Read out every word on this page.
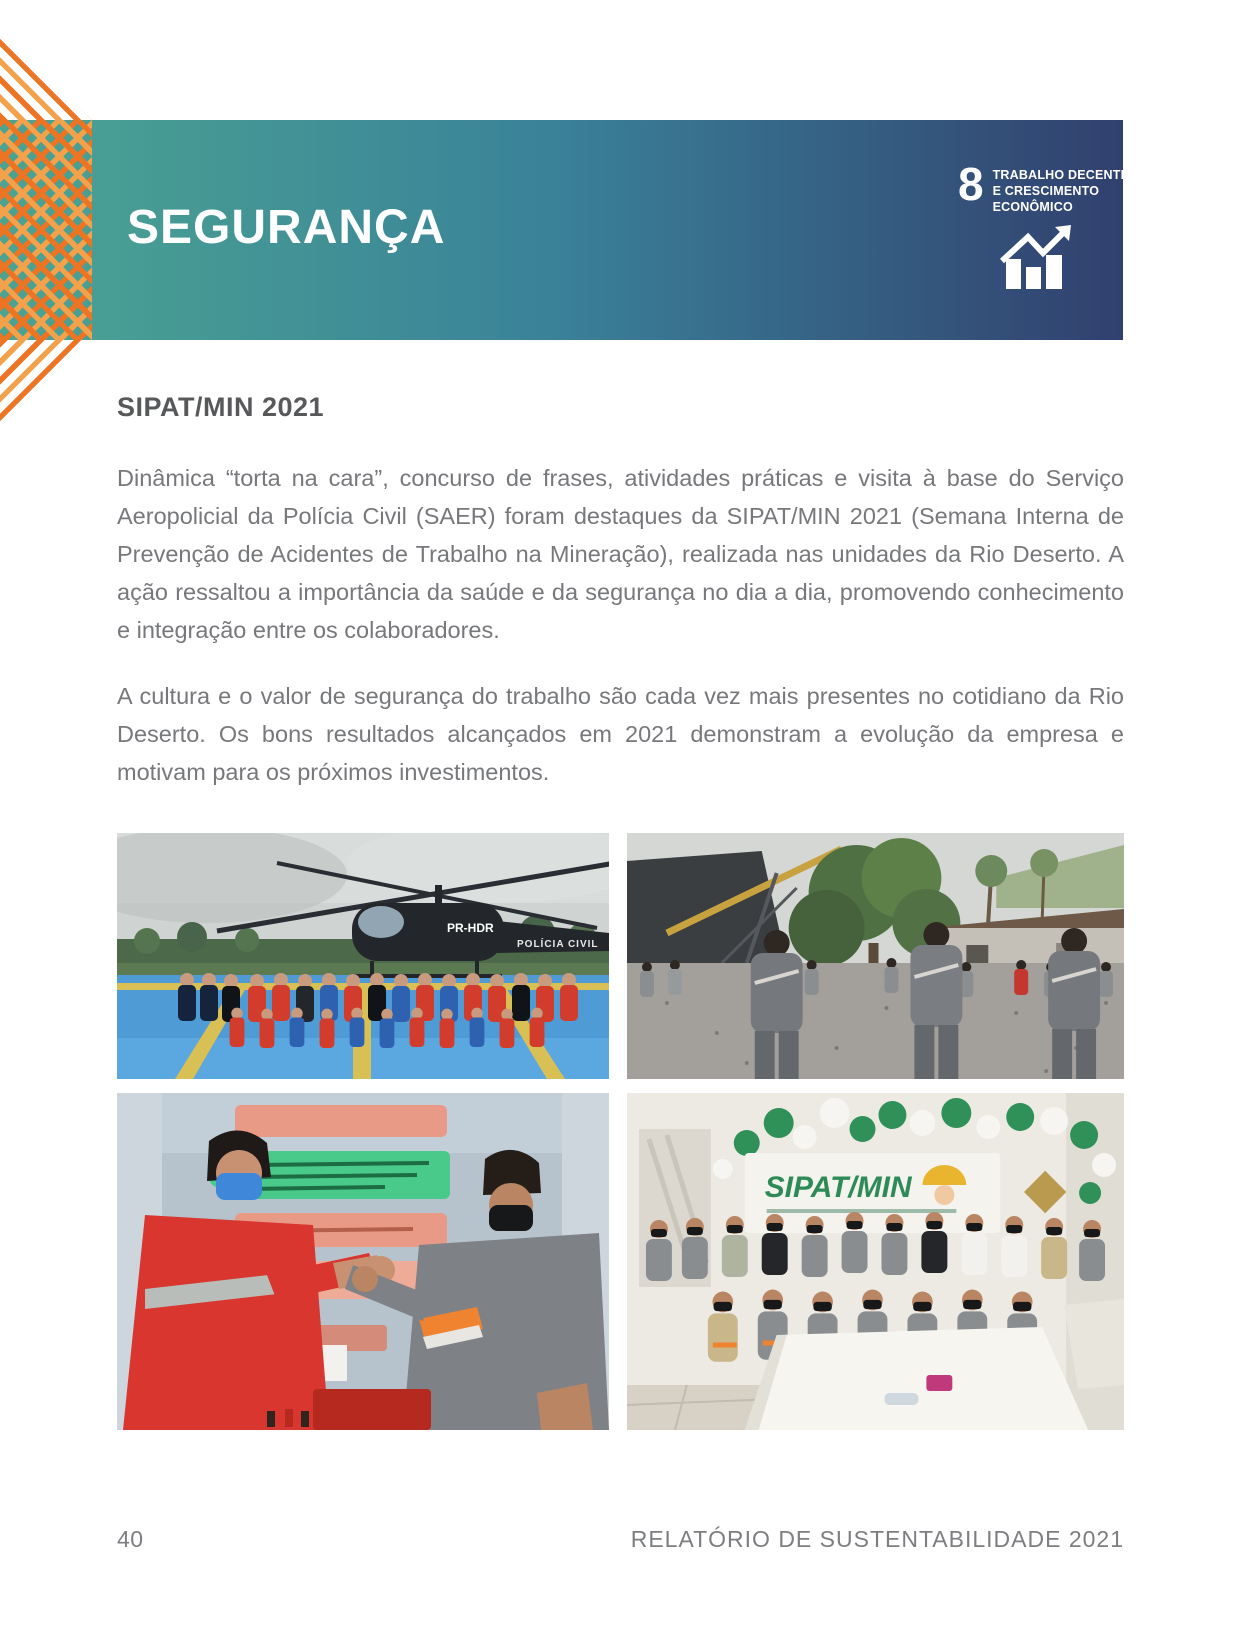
SEGURANÇA
8 TRABALHO DECENTE
E CRESCIMENTO
ECONÔMICO
SIPAT/MIN 2021

Dinâmica “torta na cara”, concurso de frases, atividades práticas e visita à base do Serviço Aeropolicial da Polícia Civil (SAER) foram destaques da SIPAT/MIN 2021 (Semana Interna de Prevenção de Acidentes de Trabalho na Mineração), realizada nas unidades da Rio Deserto. A ação ressaltou a importância da saúde e da segurança no dia a dia, promovendo conhecimento e integração entre os colaboradores.

A cultura e o valor de segurança do trabalho são cada vez mais presentes no cotidiano da Rio Deserto. Os bons resultados alcançados em 2021 demonstram a evolução da empresa e motivam para os próximos investimentos.

PR-HDR
POLÍCIA CIVIL
SIPAT/MIN
40	RELATÓRIO DE SUSTENTABILIDADE 2021
